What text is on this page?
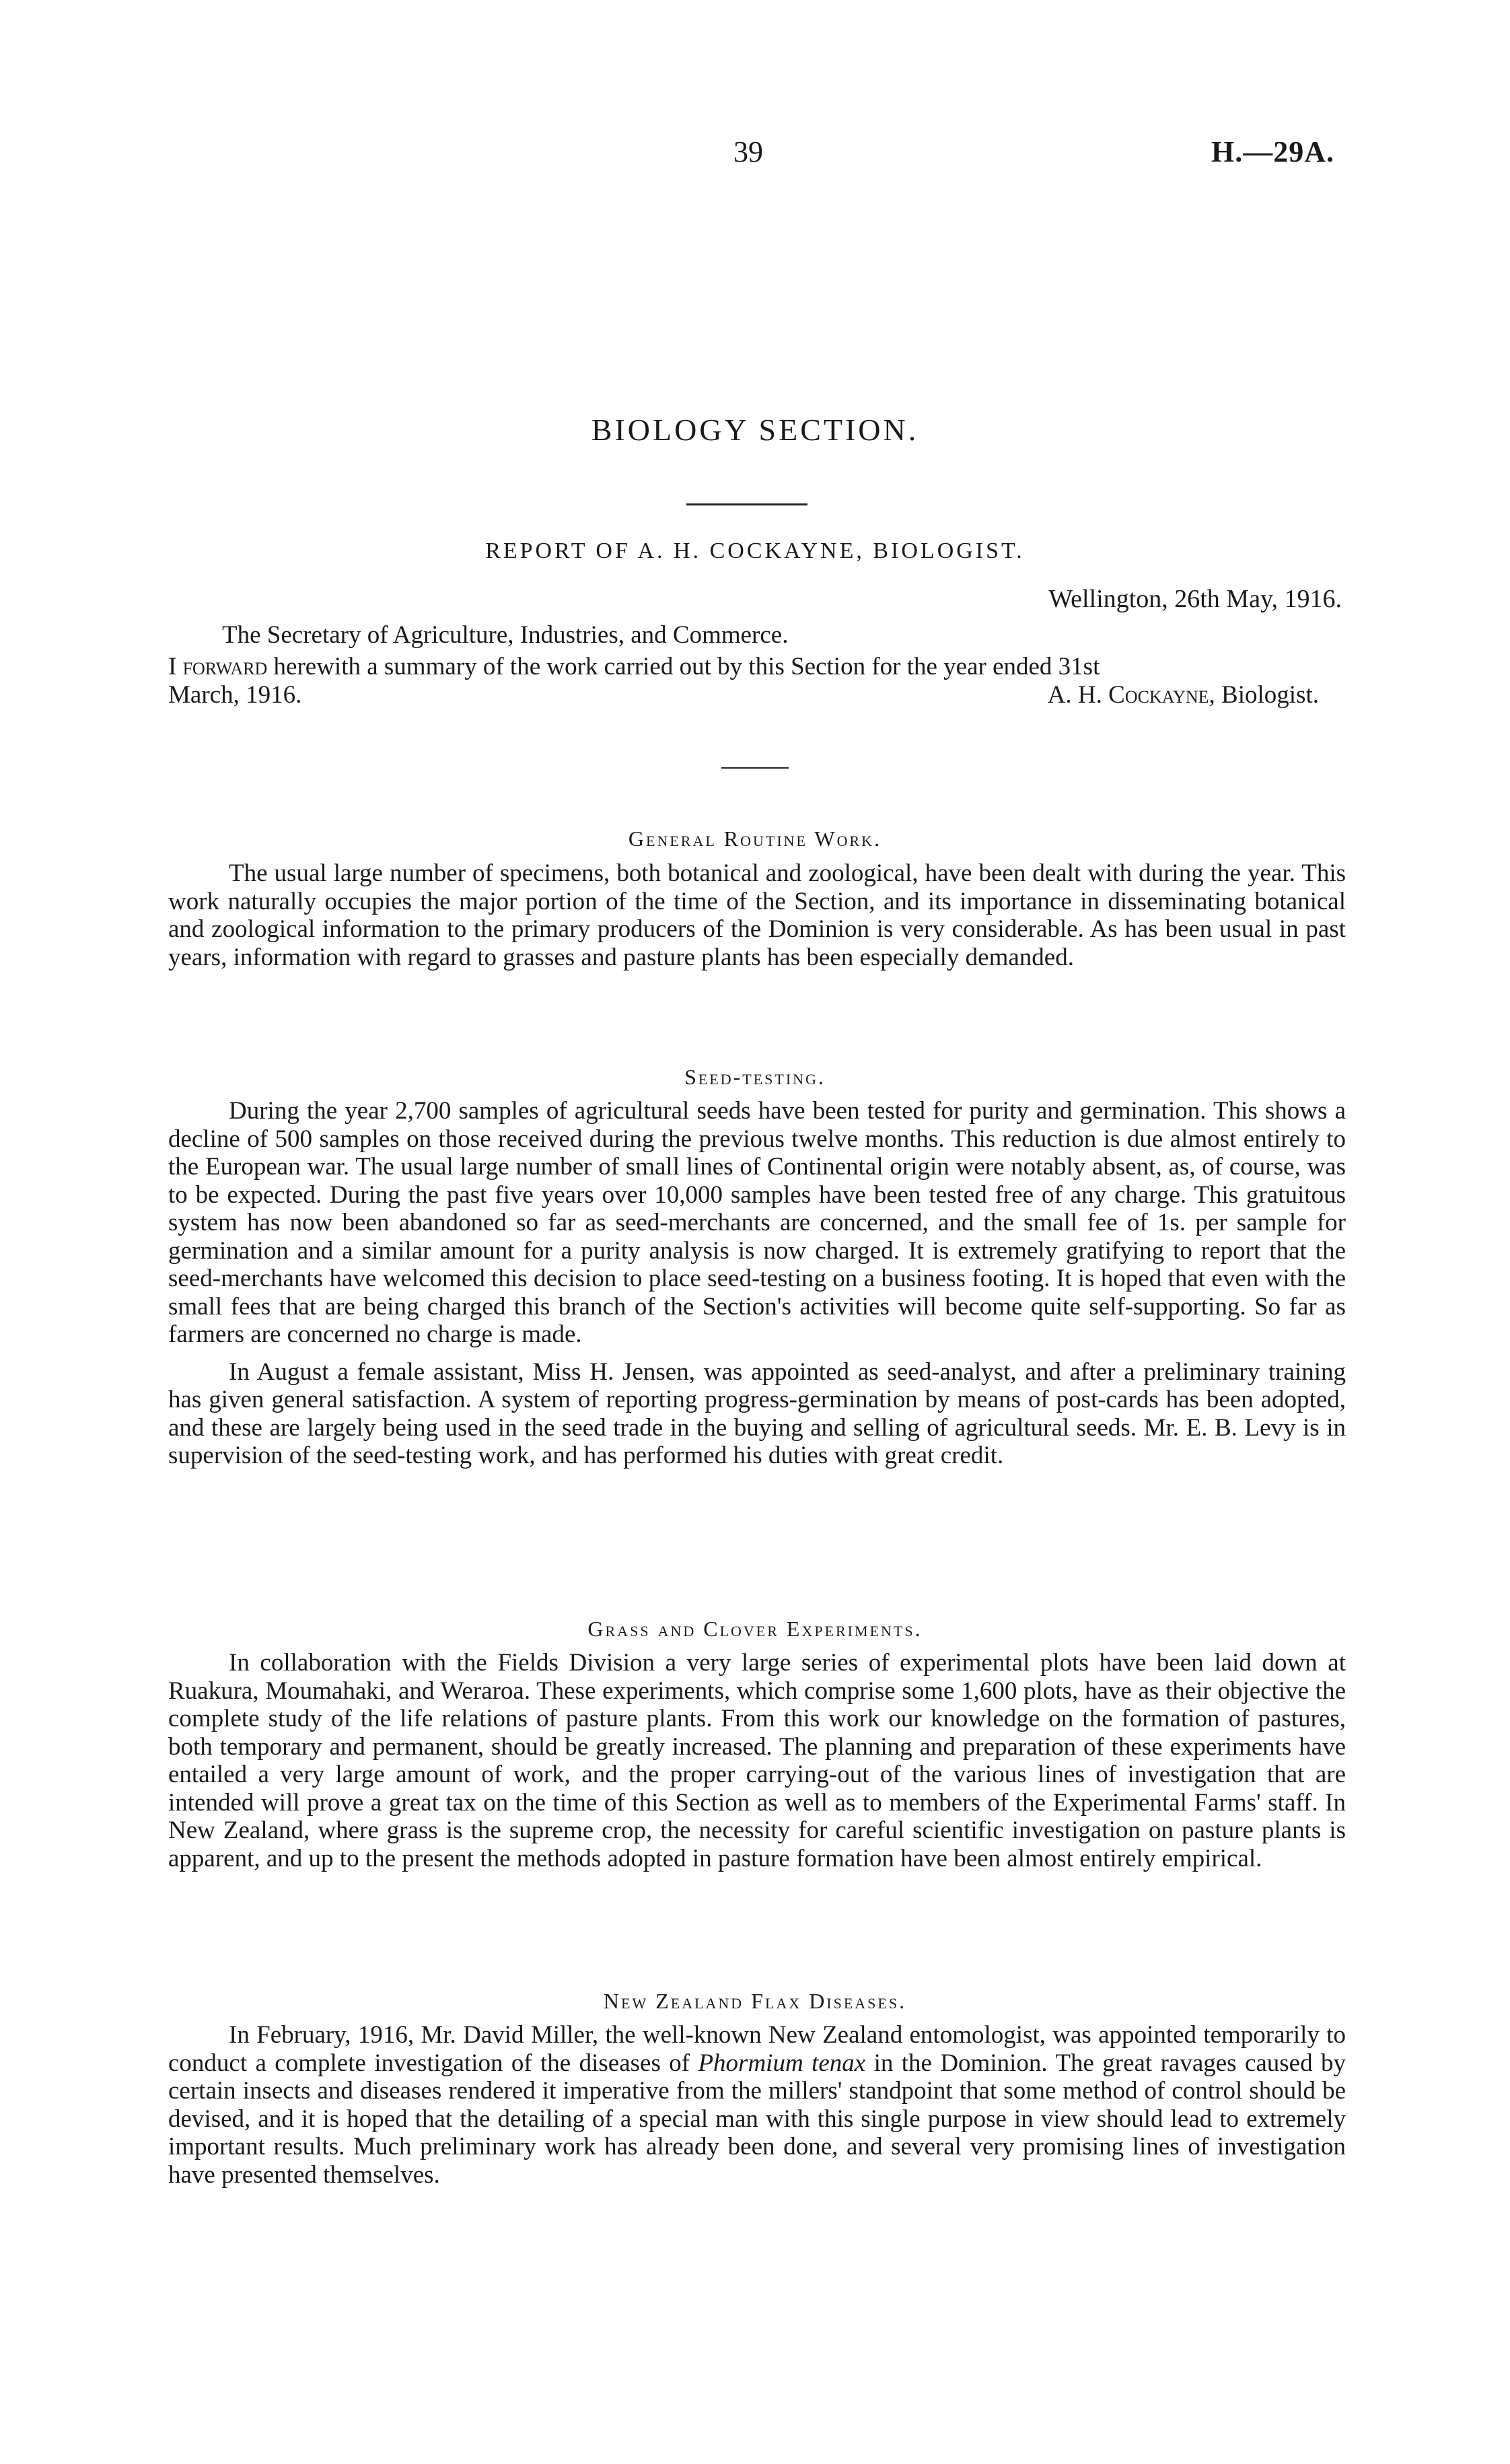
39	H.—29A.
BIOLOGY SECTION.
REPORT OF A. H. COCKAYNE, BIOLOGIST.
Wellington, 26th May, 1916.
The Secretary of Agriculture, Industries, and Commerce.
I forward herewith a summary of the work carried out by this Section for the year ended 31st
March, 1916.	A. H. Cockayne, Biologist.
General Routine Work.

The usual large number of specimens, both botanical and zoological, have been dealt with during the year. This work naturally occupies the major portion of the time of the Section, and its importance in disseminating botanical and zoological information to the primary producers of the Dominion is very considerable. As has been usual in past years, information with regard to grasses and pasture plants has been especially demanded.

Seed-testing.

During the year 2,700 samples of agricultural seeds have been tested for purity and germination. This shows a decline of 500 samples on those received during the previous twelve months. This reduction is due almost entirely to the European war. The usual large number of small lines of Continental origin were notably absent, as, of course, was to be expected. During the past five years over 10,000 samples have been tested free of any charge. This gratuitous system has now been abandoned so far as seed-merchants are concerned, and the small fee of 1s. per sample for germination and a similar amount for a purity analysis is now charged. It is extremely gratifying to report that the seed-merchants have welcomed this decision to place seed-testing on a business footing. It is hoped that even with the small fees that are being charged this branch of the Section's activities will become quite self-supporting. So far as farmers are concerned no charge is made.

In August a female assistant, Miss H. Jensen, was appointed as seed-analyst, and after a preliminary training has given general satisfaction. A system of reporting progress-germination by means of post-cards has been adopted, and these are largely being used in the seed trade in the buying and selling of agricultural seeds. Mr. E. B. Levy is in supervision of the seed-testing work, and has performed his duties with great credit.

Grass and Clover Experiments.

In collaboration with the Fields Division a very large series of experimental plots have been laid down at Ruakura, Moumahaki, and Weraroa. These experiments, which comprise some 1,600 plots, have as their objective the complete study of the life relations of pasture plants. From this work our knowledge on the formation of pastures, both temporary and permanent, should be greatly increased. The planning and preparation of these experiments have entailed a very large amount of work, and the proper carrying-out of the various lines of investigation that are intended will prove a great tax on the time of this Section as well as to members of the Experimental Farms' staff. In New Zealand, where grass is the supreme crop, the necessity for careful scientific investigation on pasture plants is apparent, and up to the present the methods adopted in pasture formation have been almost entirely empirical.

New Zealand Flax Diseases.

In February, 1916, Mr. David Miller, the well-known New Zealand entomologist, was appointed temporarily to conduct a complete investigation of the diseases of Phormium tenax in the Dominion. The great ravages caused by certain insects and diseases rendered it imperative from the millers' standpoint that some method of control should be devised, and it is hoped that the detailing of a special man with this single purpose in view should lead to extremely important results. Much preliminary work has already been done, and several very promising lines of investigation have presented themselves.
